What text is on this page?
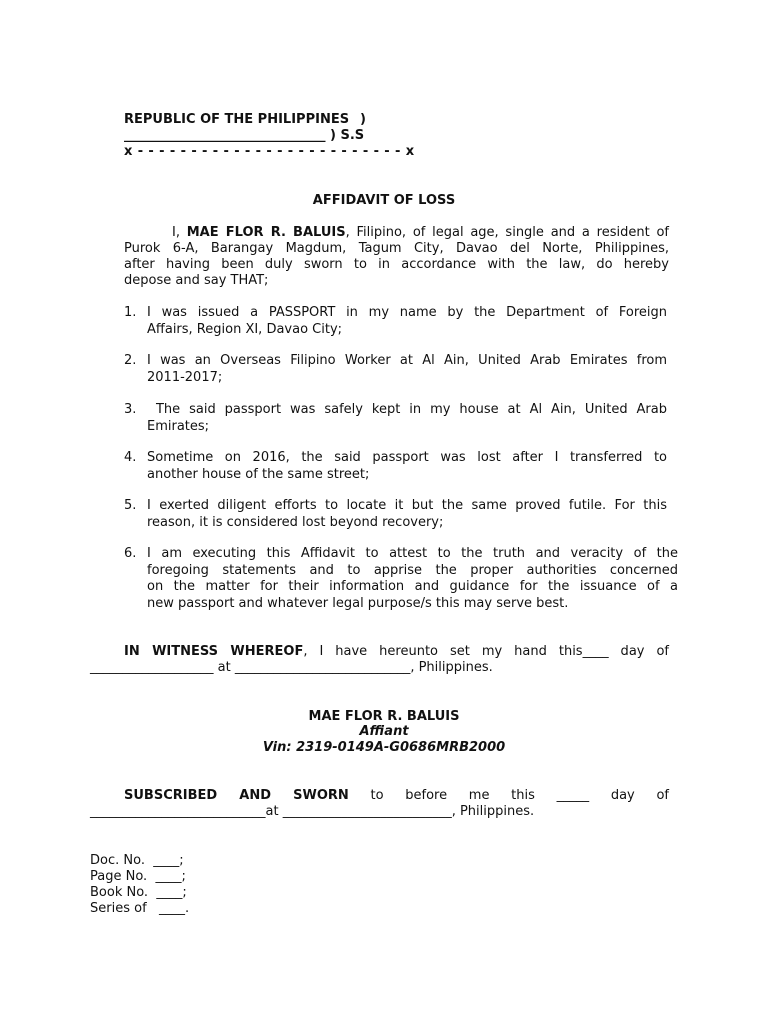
REPUBLIC OF THE PHILIPPINES )
_______________________________ ) S.S
x - - - - - - - - - - - - - - - - - - - - - - - - - x
AFFIDAVIT OF LOSS
I, MAE FLOR R. BALUIS, Filipino, of legal age, single and a resident of
Purok 6-A, Barangay Magdum, Tagum City, Davao del Norte, Philippines,
after having been duly sworn to in accordance with the law, do hereby
depose and say THAT;
1. I was issued a PASSPORT in my name by the Department of Foreign
Affairs, Region XI, Davao City;
2. I was an Overseas Filipino Worker at Al Ain, United Arab Emirates from
2011-2017;
3. The said passport was safely kept in my house at Al Ain, United Arab
Emirates;
4. Sometime on 2016, the said passport was lost after I transferred to
another house of the same street;
5. I exerted diligent efforts to locate it but the same proved futile. For this
reason, it is considered lost beyond recovery;
6. I am executing this Affidavit to attest to the truth and veracity of the
foregoing statements and to apprise the proper authorities concerned
on the matter for their information and guidance for the issuance of a
new passport and whatever legal purpose/s this may serve best.
IN WITNESS WHEREOF, I have hereunto set my hand this____ day of
___________________ at ___________________________, Philippines.
MAE FLOR R. BALUIS
Affiant
Vin: 2319-0149A-G0686MRB2000
SUBSCRIBED AND SWORN to before me this _____ day of
___________________________at __________________________, Philippines.
Doc. No.  ____;
Page No.  ____;
Book No.  ____;
Series of   ____.
